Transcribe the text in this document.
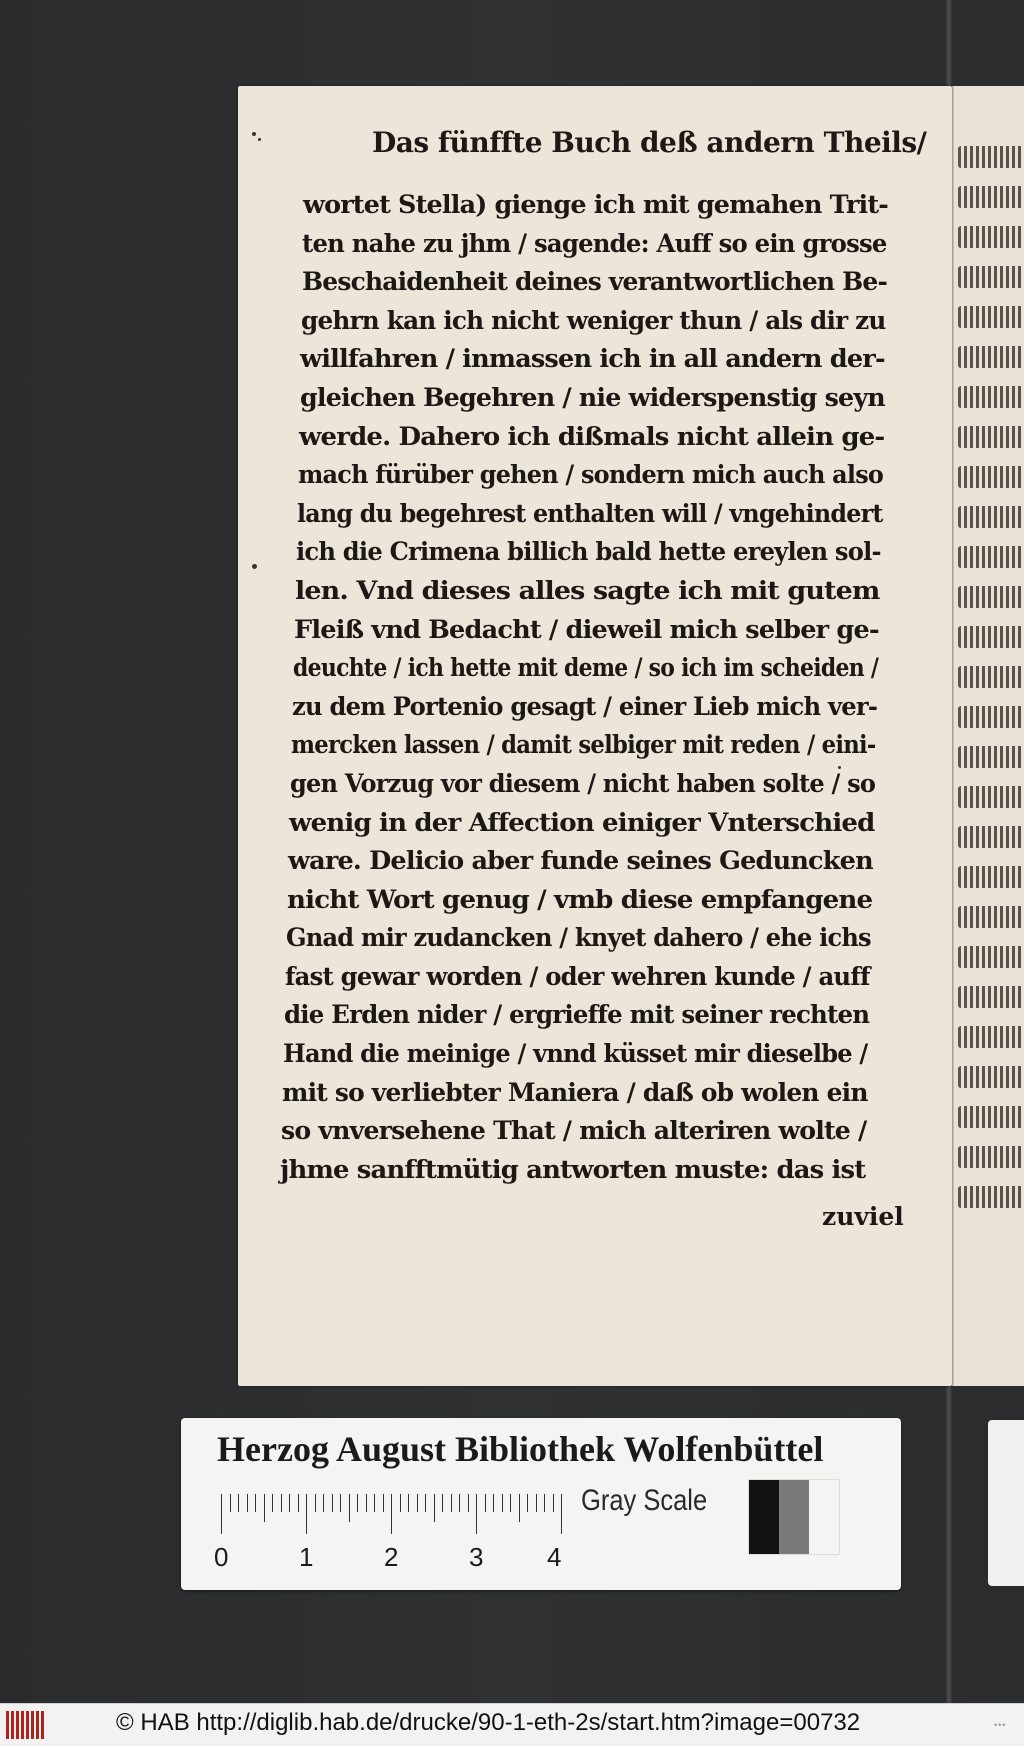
Das fünffte Buch deß andern Theils/
wortet Stella) gienge ich mit gemahen Trit-
ten nahe zu jhm / sagende: Auff so ein grosse
Beschaidenheit deines verantwortlichen Be-
gehrn kan ich nicht weniger thun / als dir zu
willfahren / inmassen ich in all andern der-
gleichen Begehren / nie widerspenstig seyn
werde. Dahero ich dißmals nicht allein ge-
mach fürüber gehen / sondern mich auch also
lang du begehrest enthalten will / vngehindert
ich die Crimena billich bald hette ereylen sol-
len. Vnd dieses alles sagte ich mit gutem
Fleiß vnd Bedacht / dieweil mich selber ge-
deuchte / ich hette mit deme / so ich im scheiden /
zu dem Portenio gesagt / einer Lieb mich ver-
mercken lassen / damit selbiger mit reden / eini-
gen Vorzug vor diesem / nicht haben solte / so
wenig in der Affection einiger Vnterschied
ware. Delicio aber funde seines Geduncken
nicht Wort genug / vmb diese empfangene
Gnad mir zudancken / knyet dahero / ehe ichs
fast gewar worden / oder wehren kunde / auff
die Erden nider / ergrieffe mit seiner rechten
Hand die meinige / vnnd küsset mir dieselbe /
mit so verliebter Maniera / daß ob wolen ein
so vnversehene That / mich alteriren wolte /
jhme sanfftmütig antworten muste: das ist
zuviel
Herzog August Bibliothek Wolfenbüttel
0	1	2	3 4
Gray Scale
© HAB http://diglib.hab.de/drucke/90-1-eth-2s/start.htm?image=00732	•••
